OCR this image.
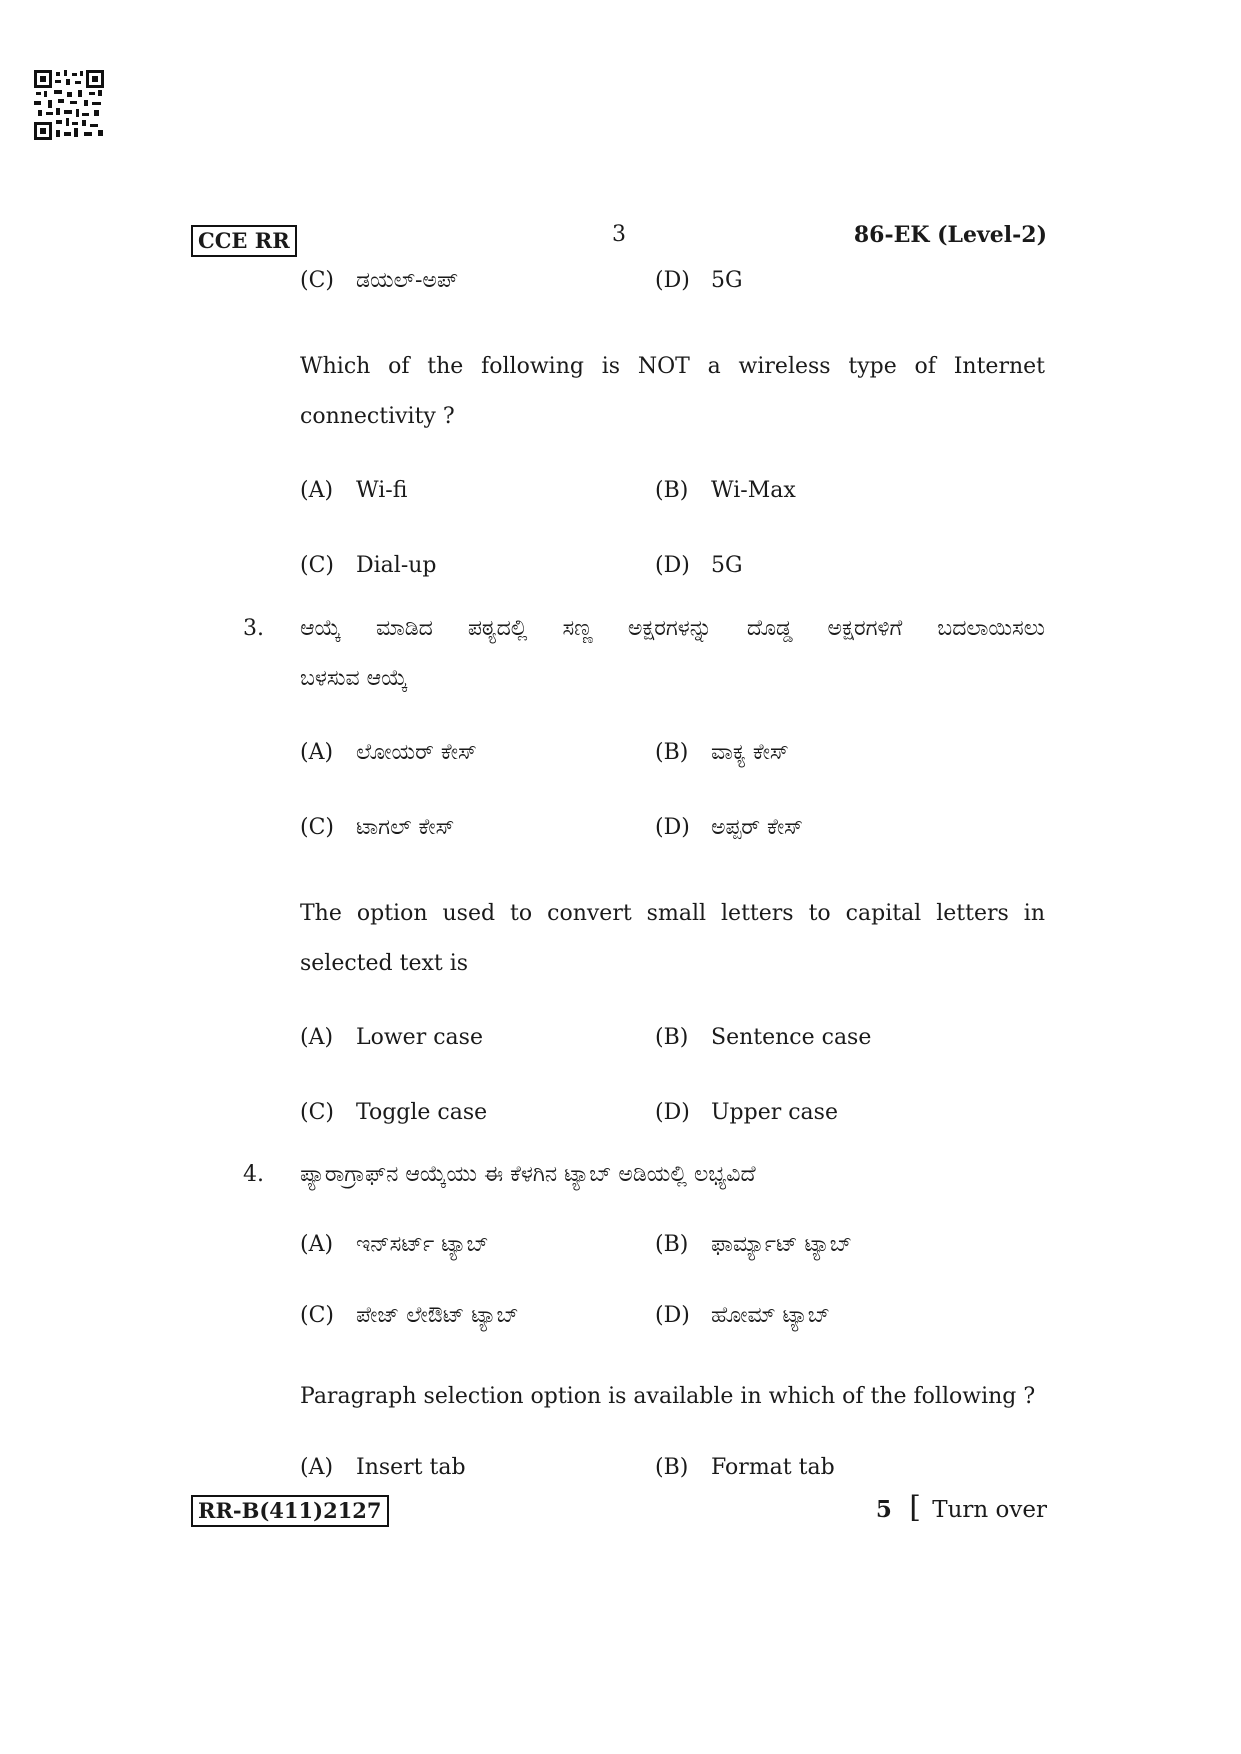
CCE RR	3	86-EK (Level-2)
(C) ಡಯಲ್-ಅಪ್	(D) 5G
Which of the following is NOT a wireless type of Internet
connectivity ?
(A) Wi-fi	(B) Wi-Max
(C) Dial-up	(D) 5G
3. ಆಯ್ಕೆ ಮಾಡಿದ ಪಠ್ಯದಲ್ಲಿ ಸಣ್ಣ ಅಕ್ಷರಗಳನ್ನು ದೊಡ್ಡ ಅಕ್ಷರಗಳಿಗೆ ಬದಲಾಯಿಸಲು
ಬಳಸುವ ಆಯ್ಕೆ
(A) ಲೋಯರ್ ಕೇಸ್	(B) ವಾಕ್ಯ ಕೇಸ್
(C) ಟಾಗಲ್ ಕೇಸ್	(D) ಅಪ್ಪರ್ ಕೇಸ್
The option used to convert small letters to capital letters in
selected text is
(A) Lower case	(B) Sentence case
(C) Toggle case	(D) Upper case
4. ಪ್ಯಾರಾಗ್ರಾಫ್‌ನ ಆಯ್ಕೆಯು ಈ ಕೆಳಗಿನ ಟ್ಯಾಬ್ ಅಡಿಯಲ್ಲಿ ಲಭ್ಯವಿದೆ
(A) ಇನ್‌ಸರ್ಟ್ ಟ್ಯಾಬ್	(B) ಫಾರ್ಮ್ಯಾಟ್ ಟ್ಯಾಬ್
(C) ಪೇಜ್ ಲೇಔಟ್ ಟ್ಯಾಬ್	(D) ಹೋಮ್ ಟ್ಯಾಬ್
Paragraph selection option is available in which of the following ?
(A) Insert tab	(B) Format tab
RR-B(411)2127	5 [ Turn over
